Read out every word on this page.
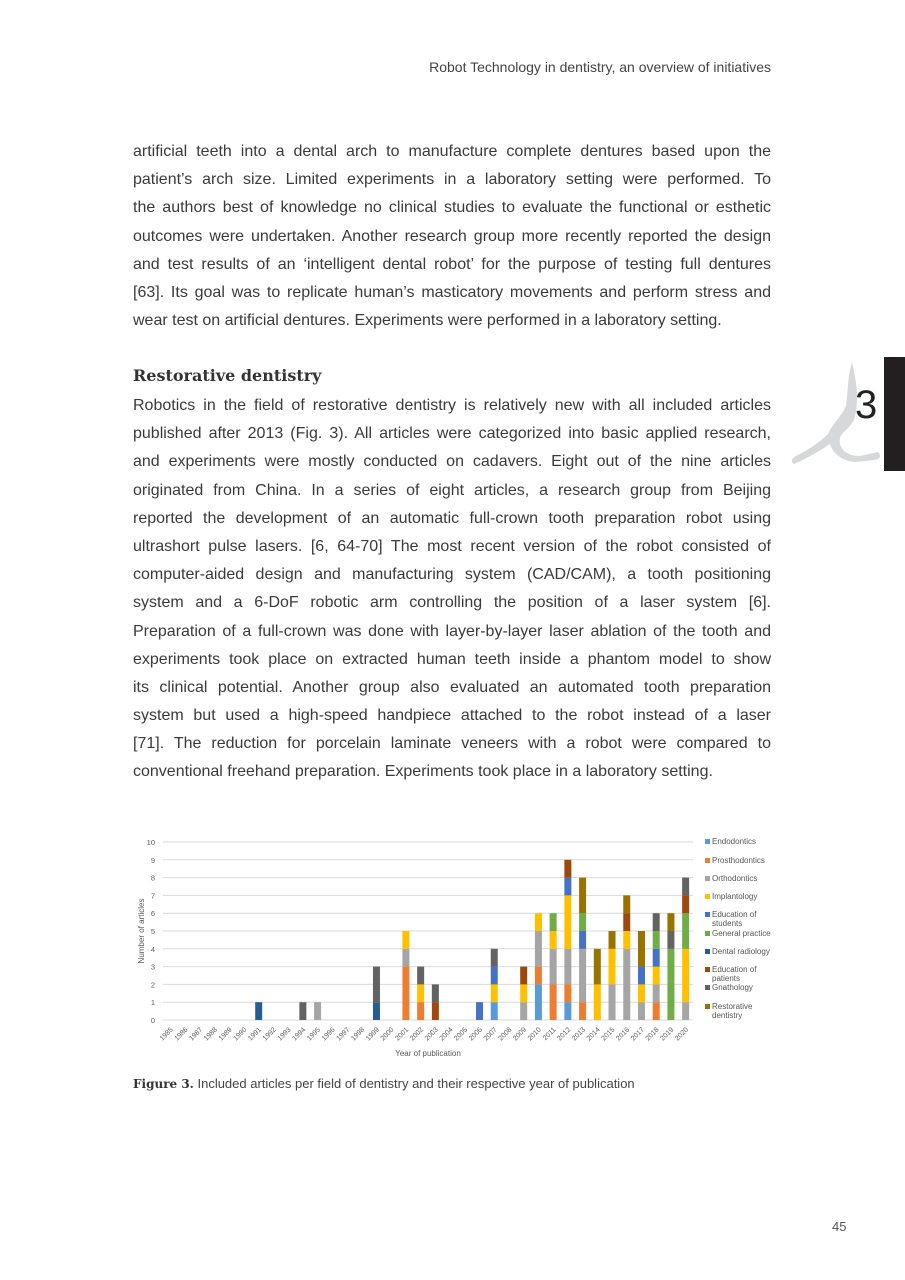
Robot Technology in dentistry, an overview of initiatives
artificial teeth into a dental arch to manufacture complete dentures based upon the
patient’s arch size. Limited experiments in a laboratory setting were performed. To
the authors best of knowledge no clinical studies to evaluate the functional or esthetic
outcomes were undertaken. Another research group more recently reported the design
and test results of an ‘intelligent dental robot’ for the purpose of testing full dentures
[63]. Its goal was to replicate human’s masticatory movements and perform stress and
wear test on artificial dentures. Experiments were performed in a laboratory setting.
Restorative dentistry
Robotics in the field of restorative dentistry is relatively new with all included articles
published after 2013 (Fig. 3). All articles were categorized into basic applied research,
and experiments were mostly conducted on cadavers. Eight out of the nine articles
originated from China. In a series of eight articles, a research group from Beijing
reported the development of an automatic full-crown tooth preparation robot using
ultrashort pulse lasers. [6, 64-70] The most recent version of the robot consisted of
computer-aided design and manufacturing system (CAD/CAM), a tooth positioning
system and a 6-DoF robotic arm controlling the position of a laser system [6].
Preparation of a full-crown was done with layer-by-layer laser ablation of the tooth and
experiments took place on extracted human teeth inside a phantom model to show
its clinical potential. Another group also evaluated an automated tooth preparation
system but used a high-speed handpiece attached to the robot instead of a laser
[71]. The reduction for porcelain laminate veneers with a robot were compared to
conventional freehand preparation. Experiments took place in a laboratory setting.
3
0
1
2
3
4
5
6
7
8
9
10
1985
1986
1987
1988
1989
1990
1991
1992
1993
1994
1995
1996
1997
1998
1999
2000
2001
2002
2003
2004
2005
2006
2007
2008
2009
2010 2011
2012
2013
2014
2015
2016
2017
2018
2019
2020
Year of publication
Number of articles
Endodontics
Prosthodontics
Orthodontics
Implantology
Education of students
General practice
Dental radiology
Education of patients
Gnathology
Restorative dentistry
Figure 3. Included articles per field of dentistry and their respective year of publication
45
